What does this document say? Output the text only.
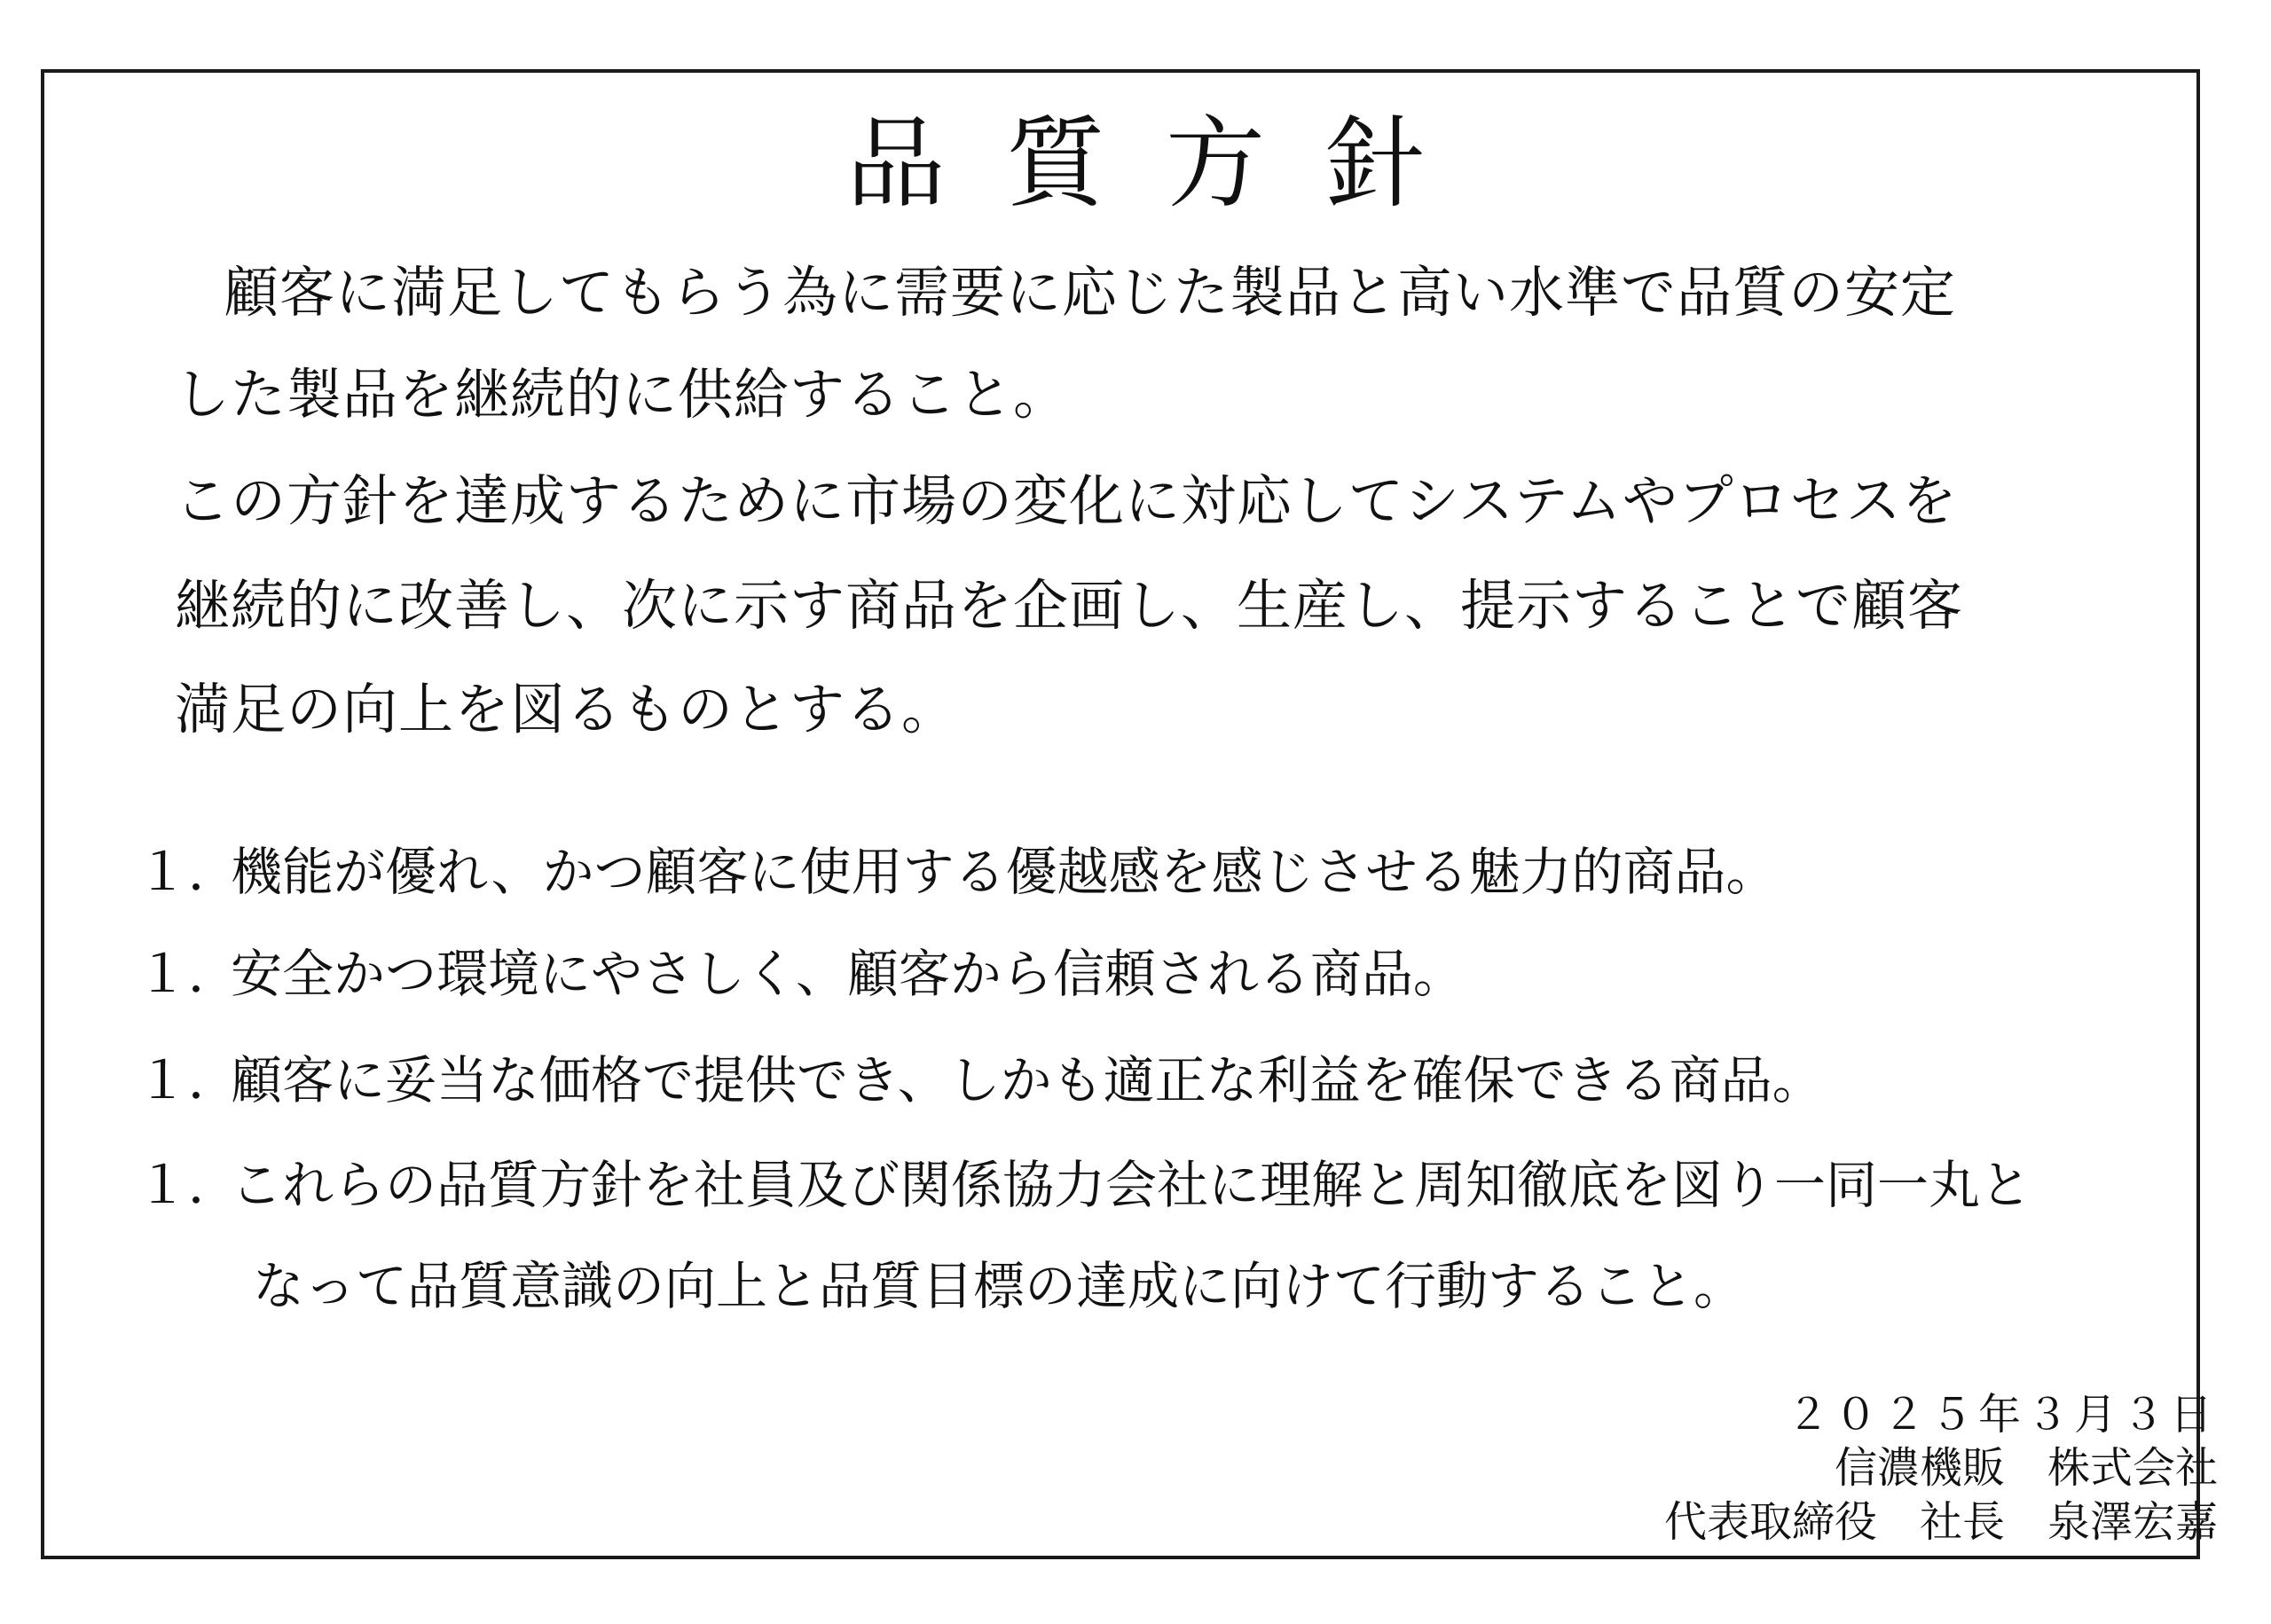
品質方針
顧客に満足してもらう為に需要に応じた製品と高い水準で品質の安定
した製品を継続的に供給すること。
この方針を達成するために市場の変化に対応してシステムやプロセスを
継続的に改善し、次に示す商品を企画し、生産し、提示することで顧客
満足の向上を図るものとする。
１．
機能が優れ、かつ顧客に使用する優越感を感じさせる魅力的商品。
１．
安全かつ環境にやさしく、顧客から信頼される商品。
１．
顧客に妥当な価格で提供でき、しかも適正な利益を確保できる商品。
１．
これらの品質方針を社員及び関係協力会社に理解と周知徹底を図り一同一丸と
なって品質意識の向上と品質目標の達成に向けて行動すること。
２０２５年３月３日
信濃機販　株式会社
代表取締役　社長　泉澤宏嘉
